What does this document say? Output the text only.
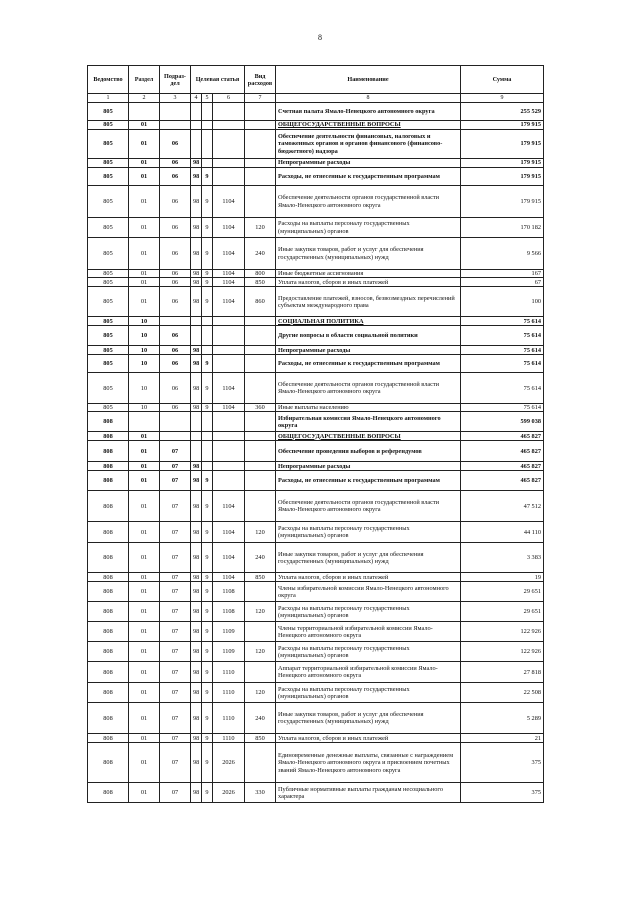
8
Ведомство	Раздел	Подраз-дел	Целевая статья			Вид расходов	Наименование	Сумма
1	2	3	4	5	6	7	8	9
805							Счетная палата Ямало-Ненецкого автономного округа	255 529
805	01						ОБЩЕГОСУДАРСТВЕННЫЕ ВОПРОСЫ	179 915
805	01	06					Обеспечение деятельности финансовых, налоговых и таможенных органов и органов финансового (финансово-бюджетного) надзора	179 915
805	01	06	98				Непрограммные расходы	179 915
805	01	06	98	9			Расходы, не отнесенные к государственным программам	179 915
805	01	06	98	9	1104		Обеспечение деятельности органов государственной власти Ямало-Ненецкого автономного округа	179 915
805	01	06	98	9	1104	120	Расходы на выплаты персоналу государственных (муниципальных) органов	170 182
805	01	06	98	9	1104	240	Иные закупки товаров, работ и услуг для обеспечения государственных (муниципальных) нужд	9 566
805	01	06	98	9	1104	800	Иные бюджетные ассигнования	167
805	01	06	98	9	1104	850	Уплата налогов, сборов и иных платежей	67
805	01	06	98	9	1104	860	Предоставление платежей, взносов, безвозмездных перечислений субъектам международного права	100
805	10						СОЦИАЛЬНАЯ ПОЛИТИКА	75 614
805	10	06					Другие вопросы в области социальной политики	75 614
805	10	06	98				Непрограммные расходы	75 614
805	10	06	98	9			Расходы, не отнесенные к государственным программам	75 614
805	10	06	98	9	1104		Обеспечение деятельности органов государственной власти Ямало-Ненецкого автономного округа	75 614
805	10	06	98	9	1104	360	Иные выплаты населению	75 614
808							Избирательная комиссия Ямало-Ненецкого автономного округа	599 038
808	01						ОБЩЕГОСУДАРСТВЕННЫЕ ВОПРОСЫ	465 827
808	01	07					Обеспечение проведения выборов и референдумов	465 827
808	01	07	98				Непрограммные расходы	465 827
808	01	07	98	9			Расходы, не отнесенные к государственным программам	465 827
808	01	07	98	9	1104		Обеспечение деятельности органов государственной власти Ямало-Ненецкого автономного округа	47 512
808	01	07	98	9	1104	120	Расходы на выплаты персоналу государственных (муниципальных) органов	44 110
808	01	07	98	9	1104	240	Иные закупки товаров, работ и услуг для обеспечения государственных (муниципальных) нужд	3 383
808	01	07	98	9	1104	850	Уплата налогов, сборов и иных платежей	19
808	01	07	98	9	1108		Члены избирательной комиссии Ямало-Ненецкого автономного округа	29 651
808	01	07	98	9	1108	120	Расходы на выплаты персоналу государственных (муниципальных) органов	29 651
808	01	07	98	9	1109		Члены территориальной избирательной комиссии Ямало-Ненецкого автономного округа	122 926
808	01	07	98	9	1109	120	Расходы на выплаты персоналу государственных (муниципальных) органов	122 926
808	01	07	98	9	1110		Аппарат территориальной избирательной комиссии Ямало-Ненецкого автономного округа	27 818
808	01	07	98	9	1110	120	Расходы на выплаты персоналу государственных (муниципальных) органов	22 508
808	01	07	98	9	1110	240	Иные закупки товаров, работ и услуг для обеспечения государственных (муниципальных) нужд	5 289
808	01	07	98	9	1110	850	Уплата налогов, сборов и иных платежей	21
808	01	07	98	9	2026		Единовременные денежные выплаты, связанные с награждением Ямало-Ненецкого автономного округа и присвоением почетных званий Ямало-Ненецкого автономного округа	375
808	01	07	98	9	2026	330	Публичные нормативные выплаты гражданам несоциального характера	375
